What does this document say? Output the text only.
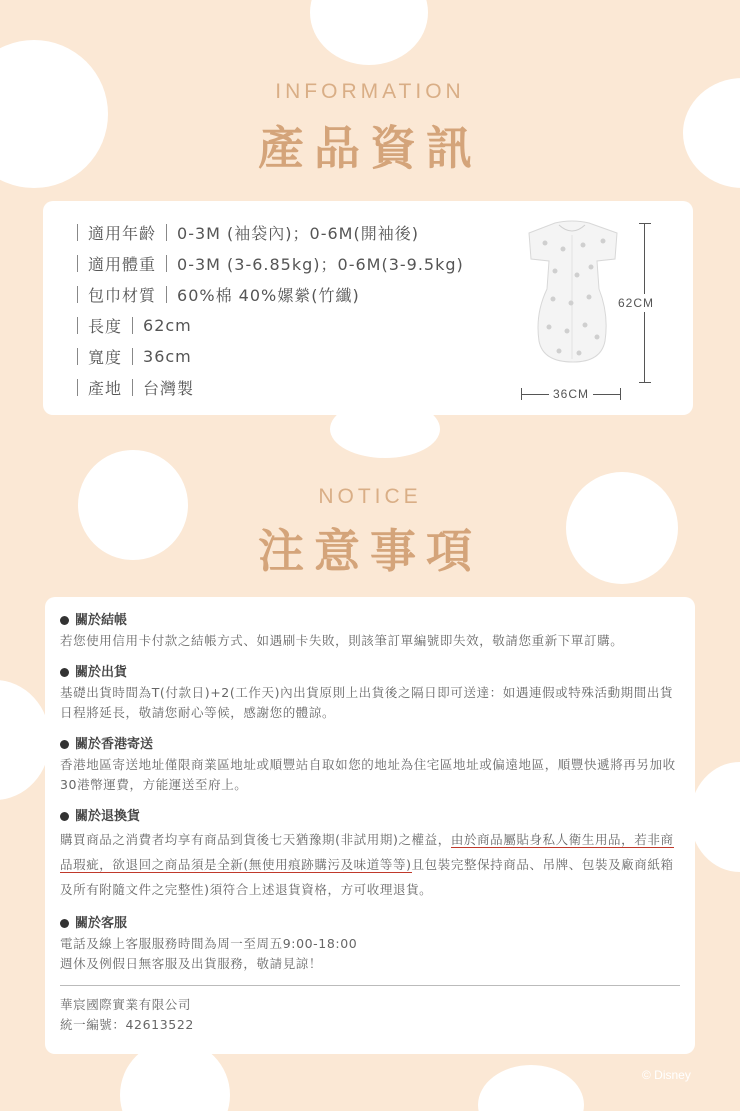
INFORMATION
產品資訊
適用年齡 0-3M (袖袋內)；0-6M(開袖後)
適用體重 0-3M (3-6.85kg)；0-6M(3-9.5kg)
包巾材質 60%棉 40%嫘縈(竹纖)
長度 62cm
寬度 36cm
產地 台灣製
62CM
36CM
NOTICE
注意事項
關於結帳
若您使用信用卡付款之結帳方式、如遇刷卡失敗，則該筆訂單編號即失效，敬請您重新下單訂購。
關於出貨
基礎出貨時間為T(付款日)+2(工作天)內出貨原則上出貨後之隔日即可送達：如遇連假或特殊活動期間出貨日程將延長，敬請您耐心等候，感謝您的體諒。
關於香港寄送
香港地區寄送地址僅限商業區地址或順豐站自取如您的地址為住宅區地址或偏遠地區，順豐快遞將再另加收30港幣運費，方能運送至府上。
關於退換貨
購買商品之消費者均享有商品到貨後七天猶豫期(非試用期)之權益，由於商品屬貼身私人衛生用品，若非商品瑕疵，欲退回之商品須是全新(無使用痕跡購污及味道等等)且包裝完整保持商品、吊牌、包裝及廠商紙箱及所有附隨文件之完整性)須符合上述退貨資格，方可收理退貨。
關於客服
電話及線上客服服務時間為周一至周五9:00-18:00
週休及例假日無客服及出貨服務，敬請見諒！
華宸國際實業有限公司
統一編號：42613522
© Disney
